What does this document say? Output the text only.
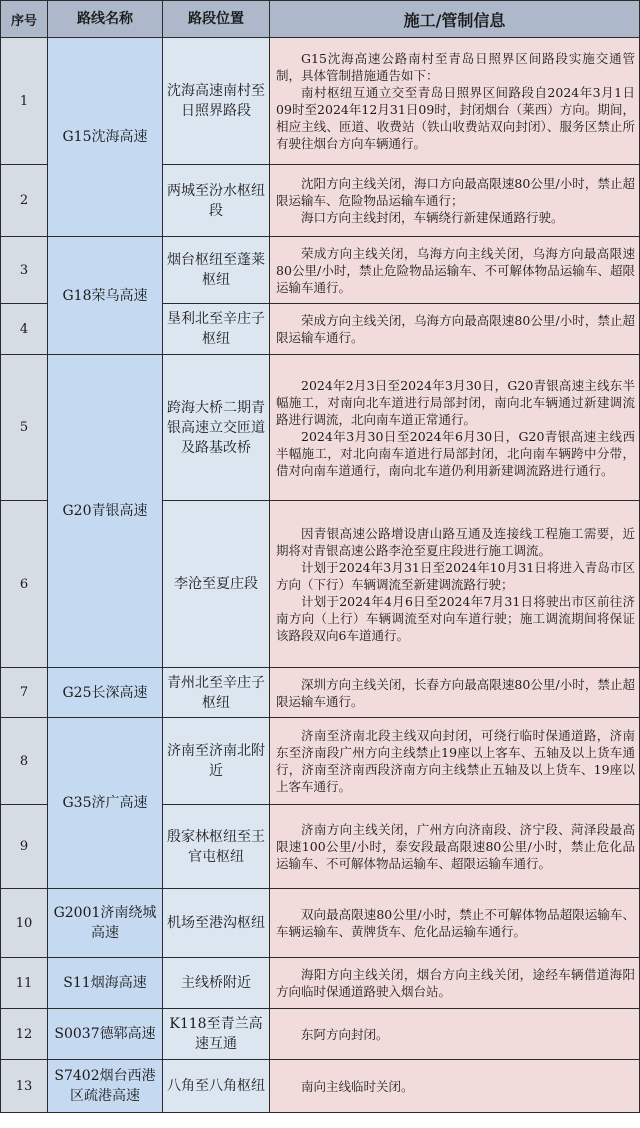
序号	路线名称	路段位置	施工/管制信息
1	G15沈海高速	沈海高速南村至日照界路段	G15沈海高速公路南村至青岛日照界区间路段实施交通管制，具体管制措施通告如下：

南村枢纽互通立交至青岛日照界区间路段自2024年3月1日09时至2024年12月31日09时，封闭烟台（莱西）方向。期间，相应主线、匝道、收费站（铁山收费站双向封闭）、服务区禁止所有驶往烟台方向车辆通行。

2		两城至汾水枢纽段	沈阳方向主线关闭，海口方向最高限速80公里/小时，禁止超限运输车、危险物品运输车通行；

海口方向主线封闭，车辆绕行新建保通路行驶。

3	G18荣乌高速	烟台枢纽至蓬莱枢纽	荣成方向主线关闭，乌海方向主线关闭，乌海方向最高限速80公里/小时，禁止危险物品运输车、不可解体物品运输车、超限运输车通行。

4		垦利北至辛庄子枢纽	荣成方向主线关闭，乌海方向最高限速80公里/小时，禁止超限运输车通行。

5	G20青银高速	跨海大桥二期青银高速立交匝道及路基改桥	2024年2月3日至2024年3月30日，G20青银高速主线东半幅施工，对南向北车道进行局部封闭，南向北车辆通过新建调流路进行调流，北向南车道正常通行。

2024年3月30日至2024年6月30日，G20青银高速主线西半幅施工，对北向南车道进行局部封闭，北向南车辆跨中分带，借对向南车道通行，南向北车道仍利用新建调流路进行通行。

6		李沧至夏庄段	因青银高速公路增设唐山路互通及连接线工程施工需要，近期将对青银高速公路李沧至夏庄段进行施工调流。

计划于2024年3月31日至2024年10月31日将进入青岛市区方向（下行）车辆调流至新建调流路行驶；

计划于2024年4月6日至2024年7月31日将驶出市区前往济南方向（上行）车辆调流至对向车道行驶；施工调流期间将保证该路段双向6车道通行。

7	G25长深高速	青州北至辛庄子枢纽	深圳方向主线关闭，长春方向最高限速80公里/小时，禁止超限运输车通行。

8	G35济广高速	济南至济南北附近	济南至济南北段主线双向封闭，可绕行临时保通道路，济南东至济南段广州方向主线禁止19座以上客车、五轴及以上货车通行，济南至济南西段济南方向主线禁止五轴及以上货车、19座以上客车通行。

9		殷家林枢纽至王官屯枢纽	济南方向主线关闭，广州方向济南段、济宁段、菏泽段最高限速100公里/小时，泰安段最高限速80公里/小时，禁止危化品运输车、不可解体物品运输车、超限运输车通行。

10	G2001济南绕城高速	机场至港沟枢纽	双向最高限速80公里/小时，禁止不可解体物品超限运输车、车辆运输车、黄牌货车、危化品运输车通行。

11	S11烟海高速	主线桥附近	海阳方向主线关闭，烟台方向主线关闭，途经车辆借道海阳方向临时保通道路驶入烟台站。

12	S0037德郓高速	K118至青兰高速互通	东阿方向封闭。

13	S7402烟台西港区疏港高速	八角至八角枢纽	南向主线临时关闭。
